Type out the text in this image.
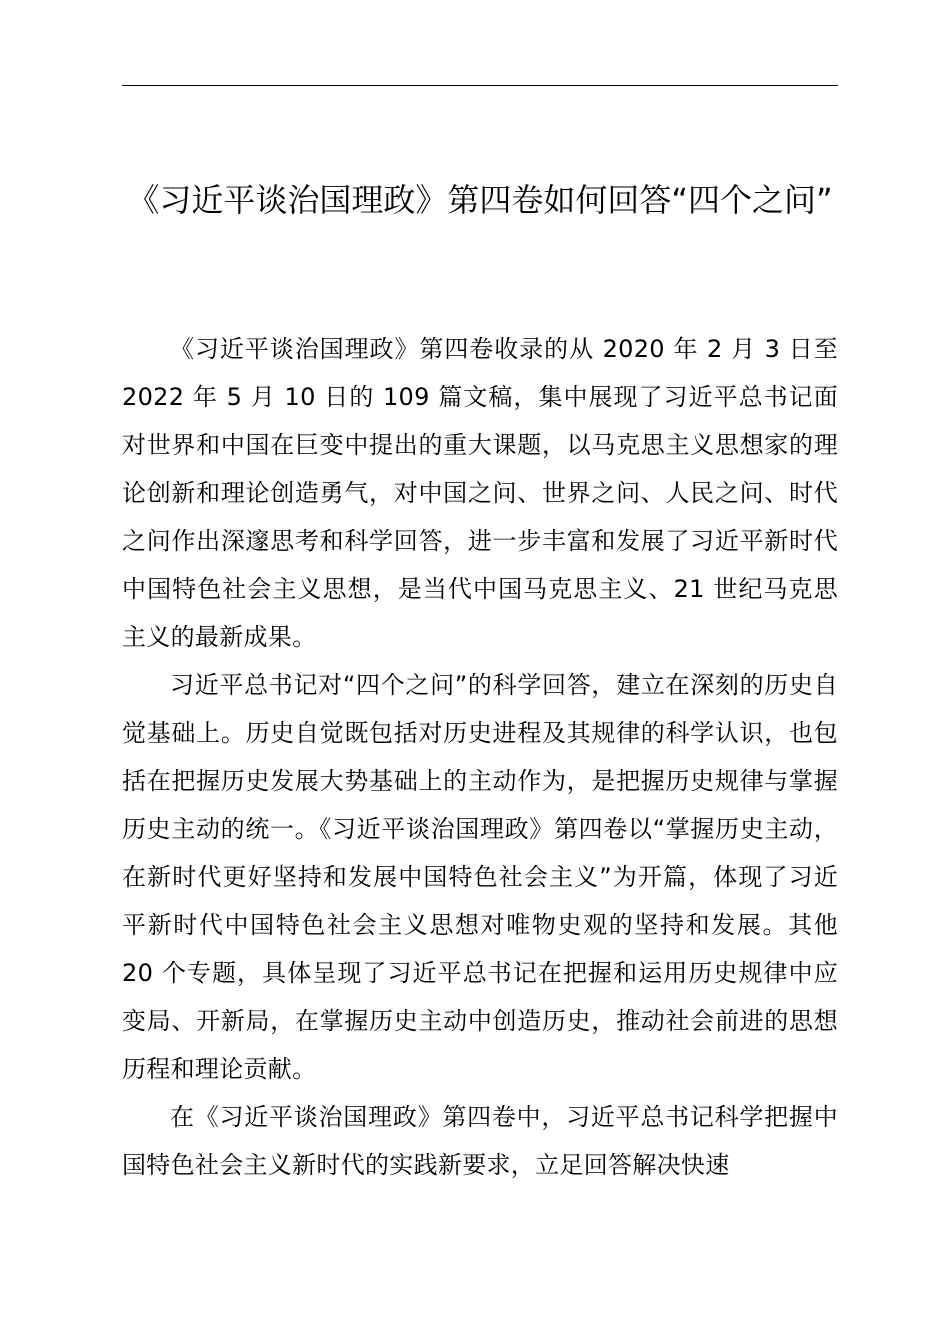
《习近平谈治国理政》第四卷如何回答“四个之问”

《习近平谈治国理政》第四卷收录的从 2020 年 2 月 3 日至 2022 年 5 月 10 日的 109 篇文稿，集中展现了习近平总书记面对世界和中国在巨变中提出的重大课题，以马克思主义思想家的理论创新和理论创造勇气，对中国之问、世界之问、人民之问、时代之问作出深邃思考和科学回答，进一步丰富和发展了习近平新时代中国特色社会主义思想，是当代中国马克思主义、21 世纪马克思主义的最新成果。

习近平总书记对“四个之问”的科学回答，建立在深刻的历史自觉基础上。历史自觉既包括对历史进程及其规律的科学认识，也包括在把握历史发展大势基础上的主动作为，是把握历史规律与掌握历史主动的统一。《习近平谈治国理政》第四卷以“掌握历史主动，在新时代更好坚持和发展中国特色社会主义”为开篇，体现了习近平新时代中国特色社会主义思想对唯物史观的坚持和发展。其他 20 个专题，具体呈现了习近平总书记在把握和运用历史规律中应变局、开新局，在掌握历史主动中创造历史，推动社会前进的思想历程和理论贡献。

在《习近平谈治国理政》第四卷中，习近平总书记科学把握中国特色社会主义新时代的实践新要求，立足回答解决快速
